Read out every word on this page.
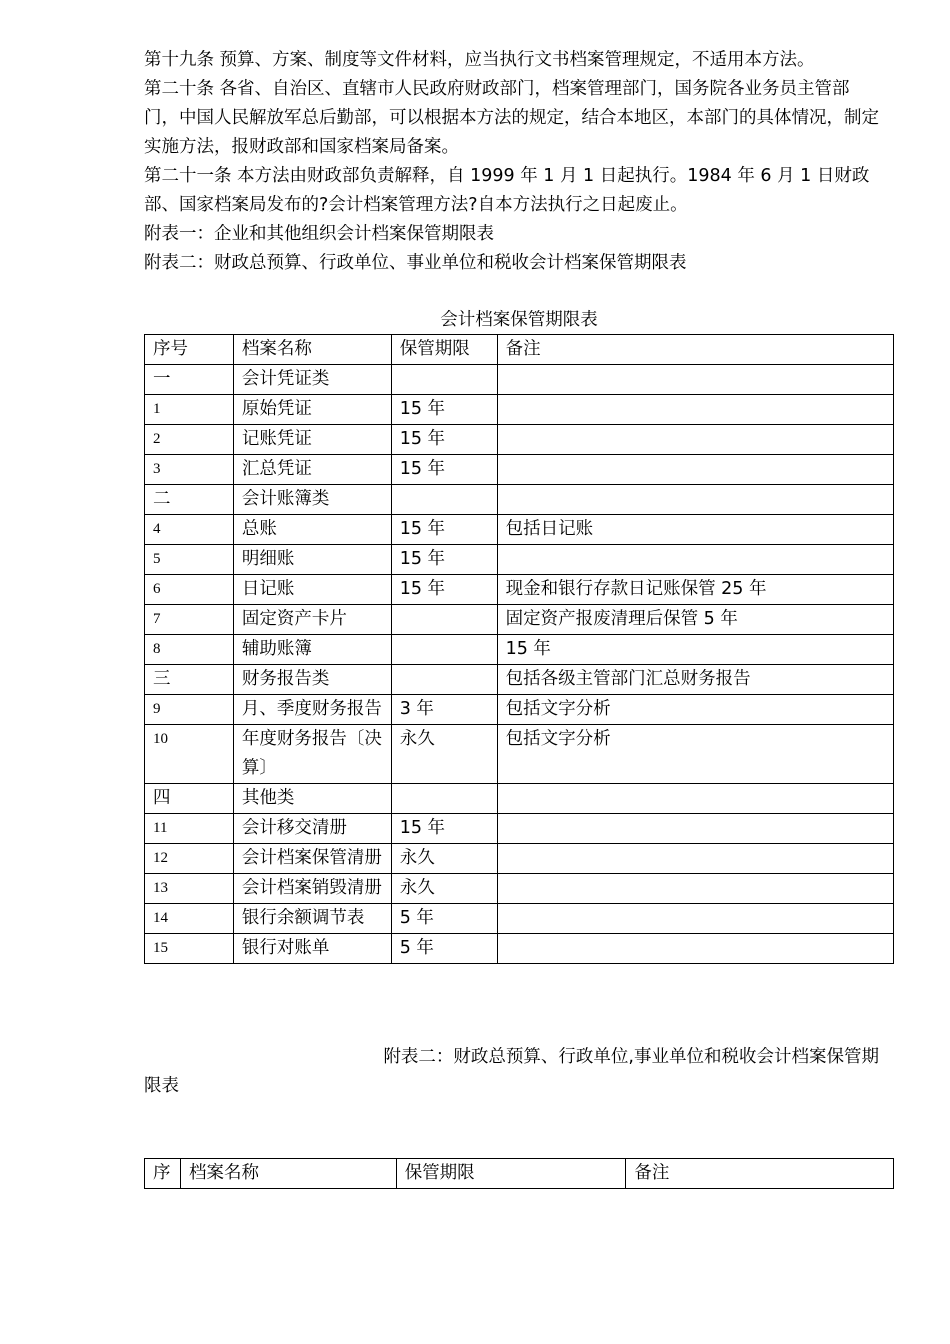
第十九条 预算、方案、制度等文件材料，应当执行文书档案管理规定，不适用本方法。
第二十条 各省、自治区、直辖市人民政府财政部门，档案管理部门，国务院各业务员主管部门，中国人民解放军总后勤部，可以根据本方法的规定，结合本地区，本部门的具体情况，制定实施方法，报财政部和国家档案局备案。
第二十一条 本方法由财政部负责解释，自 1999 年 1 月 1 日起执行。1984 年 6 月 1 日财政部、国家档案局发布的?会计档案管理方法?自本方法执行之日起废止。
附表一：企业和其他组织会计档案保管期限表
附表二：财政总预算、行政单位、事业单位和税收会计档案保管期限表
会计档案保管期限表
序号	档案名称	保管期限	备注
一	会计凭证类		
1	原始凭证	15 年	
2	记账凭证	15 年	
3	汇总凭证	15 年	
二	会计账簿类		
4	总账	15 年	包括日记账
5	明细账	15 年	
6	日记账	15 年	现金和银行存款日记账保管 25 年
7	固定资产卡片		固定资产报废清理后保管 5 年
8	辅助账簿		15 年
三	财务报告类		包括各级主管部门汇总财务报告
9	月、季度财务报告	3 年	包括文字分析
10	年度财务报告〔决算〕	永久	包括文字分析
四	其他类		
11	会计移交清册	15 年	
12	会计档案保管清册	永久	
13	会计档案销毁清册	永久	
14	银行余额调节表	5 年	
15	银行对账单	5 年	
附表二：财政总预算、行政单位,事业单位和税收会计档案保管期
限表
序	档案名称	保管期限	备注
